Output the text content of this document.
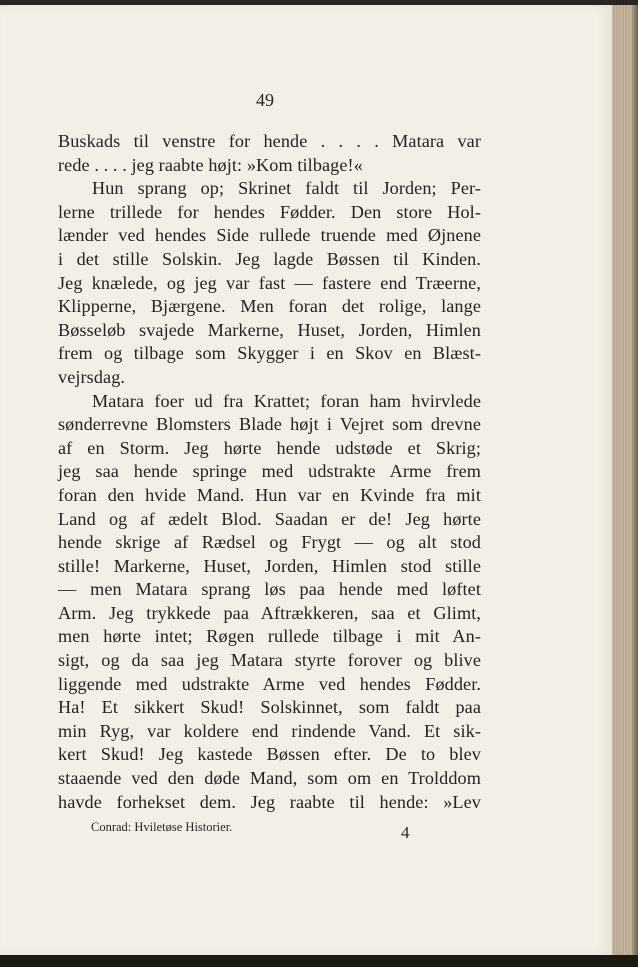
49
Buskads til venstre for hende . . . . Matara var
rede . . . . jeg raabte højt: »Kom tilbage!«
Hun sprang op; Skrinet faldt til Jorden; Per-
lerne trillede for hendes Fødder. Den store Hol-
lænder ved hendes Side rullede truende med Øjnene
i det stille Solskin. Jeg lagde Bøssen til Kinden.
Jeg knælede, og jeg var fast — fastere end Træerne,
Klipperne, Bjærgene. Men foran det rolige, lange
Bøsseløb svajede Markerne, Huset, Jorden, Himlen
frem og tilbage som Skygger i en Skov en Blæst-
vejrsdag.
Matara foer ud fra Krattet; foran ham hvirvlede
sønderrevne Blomsters Blade højt i Vejret som drevne
af en Storm. Jeg hørte hende udstøde et Skrig;
jeg saa hende springe med udstrakte Arme frem
foran den hvide Mand. Hun var en Kvinde fra mit
Land og af ædelt Blod. Saadan er de! Jeg hørte
hende skrige af Rædsel og Frygt — og alt stod
stille! Markerne, Huset, Jorden, Himlen stod stille
— men Matara sprang løs paa hende med løftet
Arm. Jeg trykkede paa Aftrækkeren, saa et Glimt,
men hørte intet; Røgen rullede tilbage i mit An-
sigt, og da saa jeg Matara styrte forover og blive
liggende med udstrakte Arme ved hendes Fødder.
Ha! Et sikkert Skud! Solskinnet, som faldt paa
min Ryg, var koldere end rindende Vand. Et sik-
kert Skud! Jeg kastede Bøssen efter. De to blev
staaende ved den døde Mand, som om en Trolddom
havde forhekset dem. Jeg raabte til hende: »Lev
Conrad: Hviletøse Historier.	4
